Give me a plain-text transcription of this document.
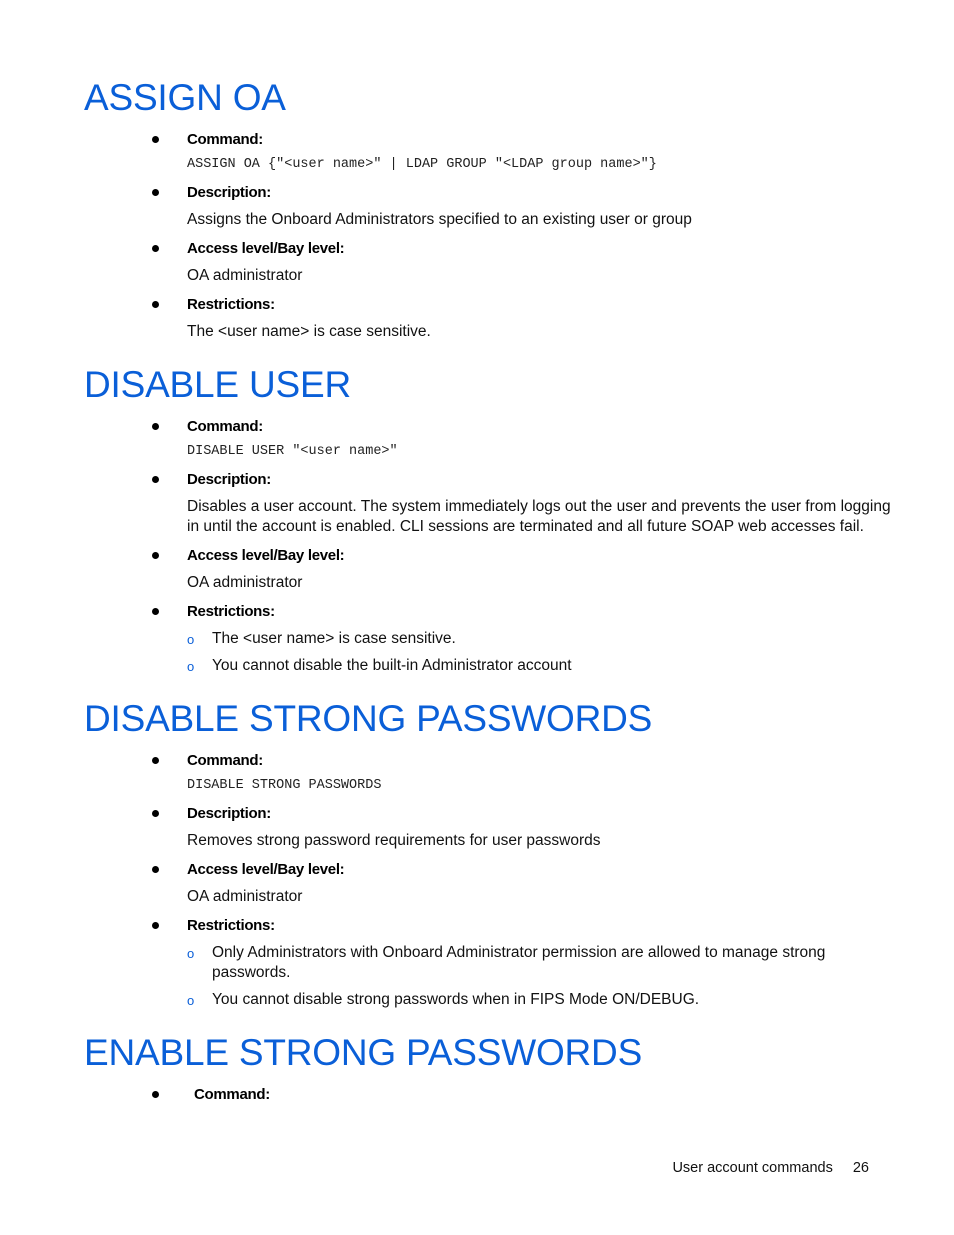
ASSIGN OA
Command:
ASSIGN OA {"<user name>" | LDAP GROUP "<LDAP group name>"}
Description:
Assigns the Onboard Administrators specified to an existing user or group
Access level/Bay level:
OA administrator
Restrictions:
The <user name> is case sensitive.
DISABLE USER
Command:
DISABLE USER "<user name>"
Description:
Disables a user account. The system immediately logs out the user and prevents the user from logging
in until the account is enabled. CLI sessions are terminated and all future SOAP web accesses fail.
Access level/Bay level:
OA administrator
Restrictions:
o The <user name> is case sensitive.
o You cannot disable the built-in Administrator account
DISABLE STRONG PASSWORDS
Command:
DISABLE STRONG PASSWORDS
Description:
Removes strong password requirements for user passwords
Access level/Bay level:
OA administrator
Restrictions:
o Only Administrators with Onboard Administrator permission are allowed to manage strong
passwords.
o You cannot disable strong passwords when in FIPS Mode ON/DEBUG.
ENABLE STRONG PASSWORDS
Command:
User account commands 26
